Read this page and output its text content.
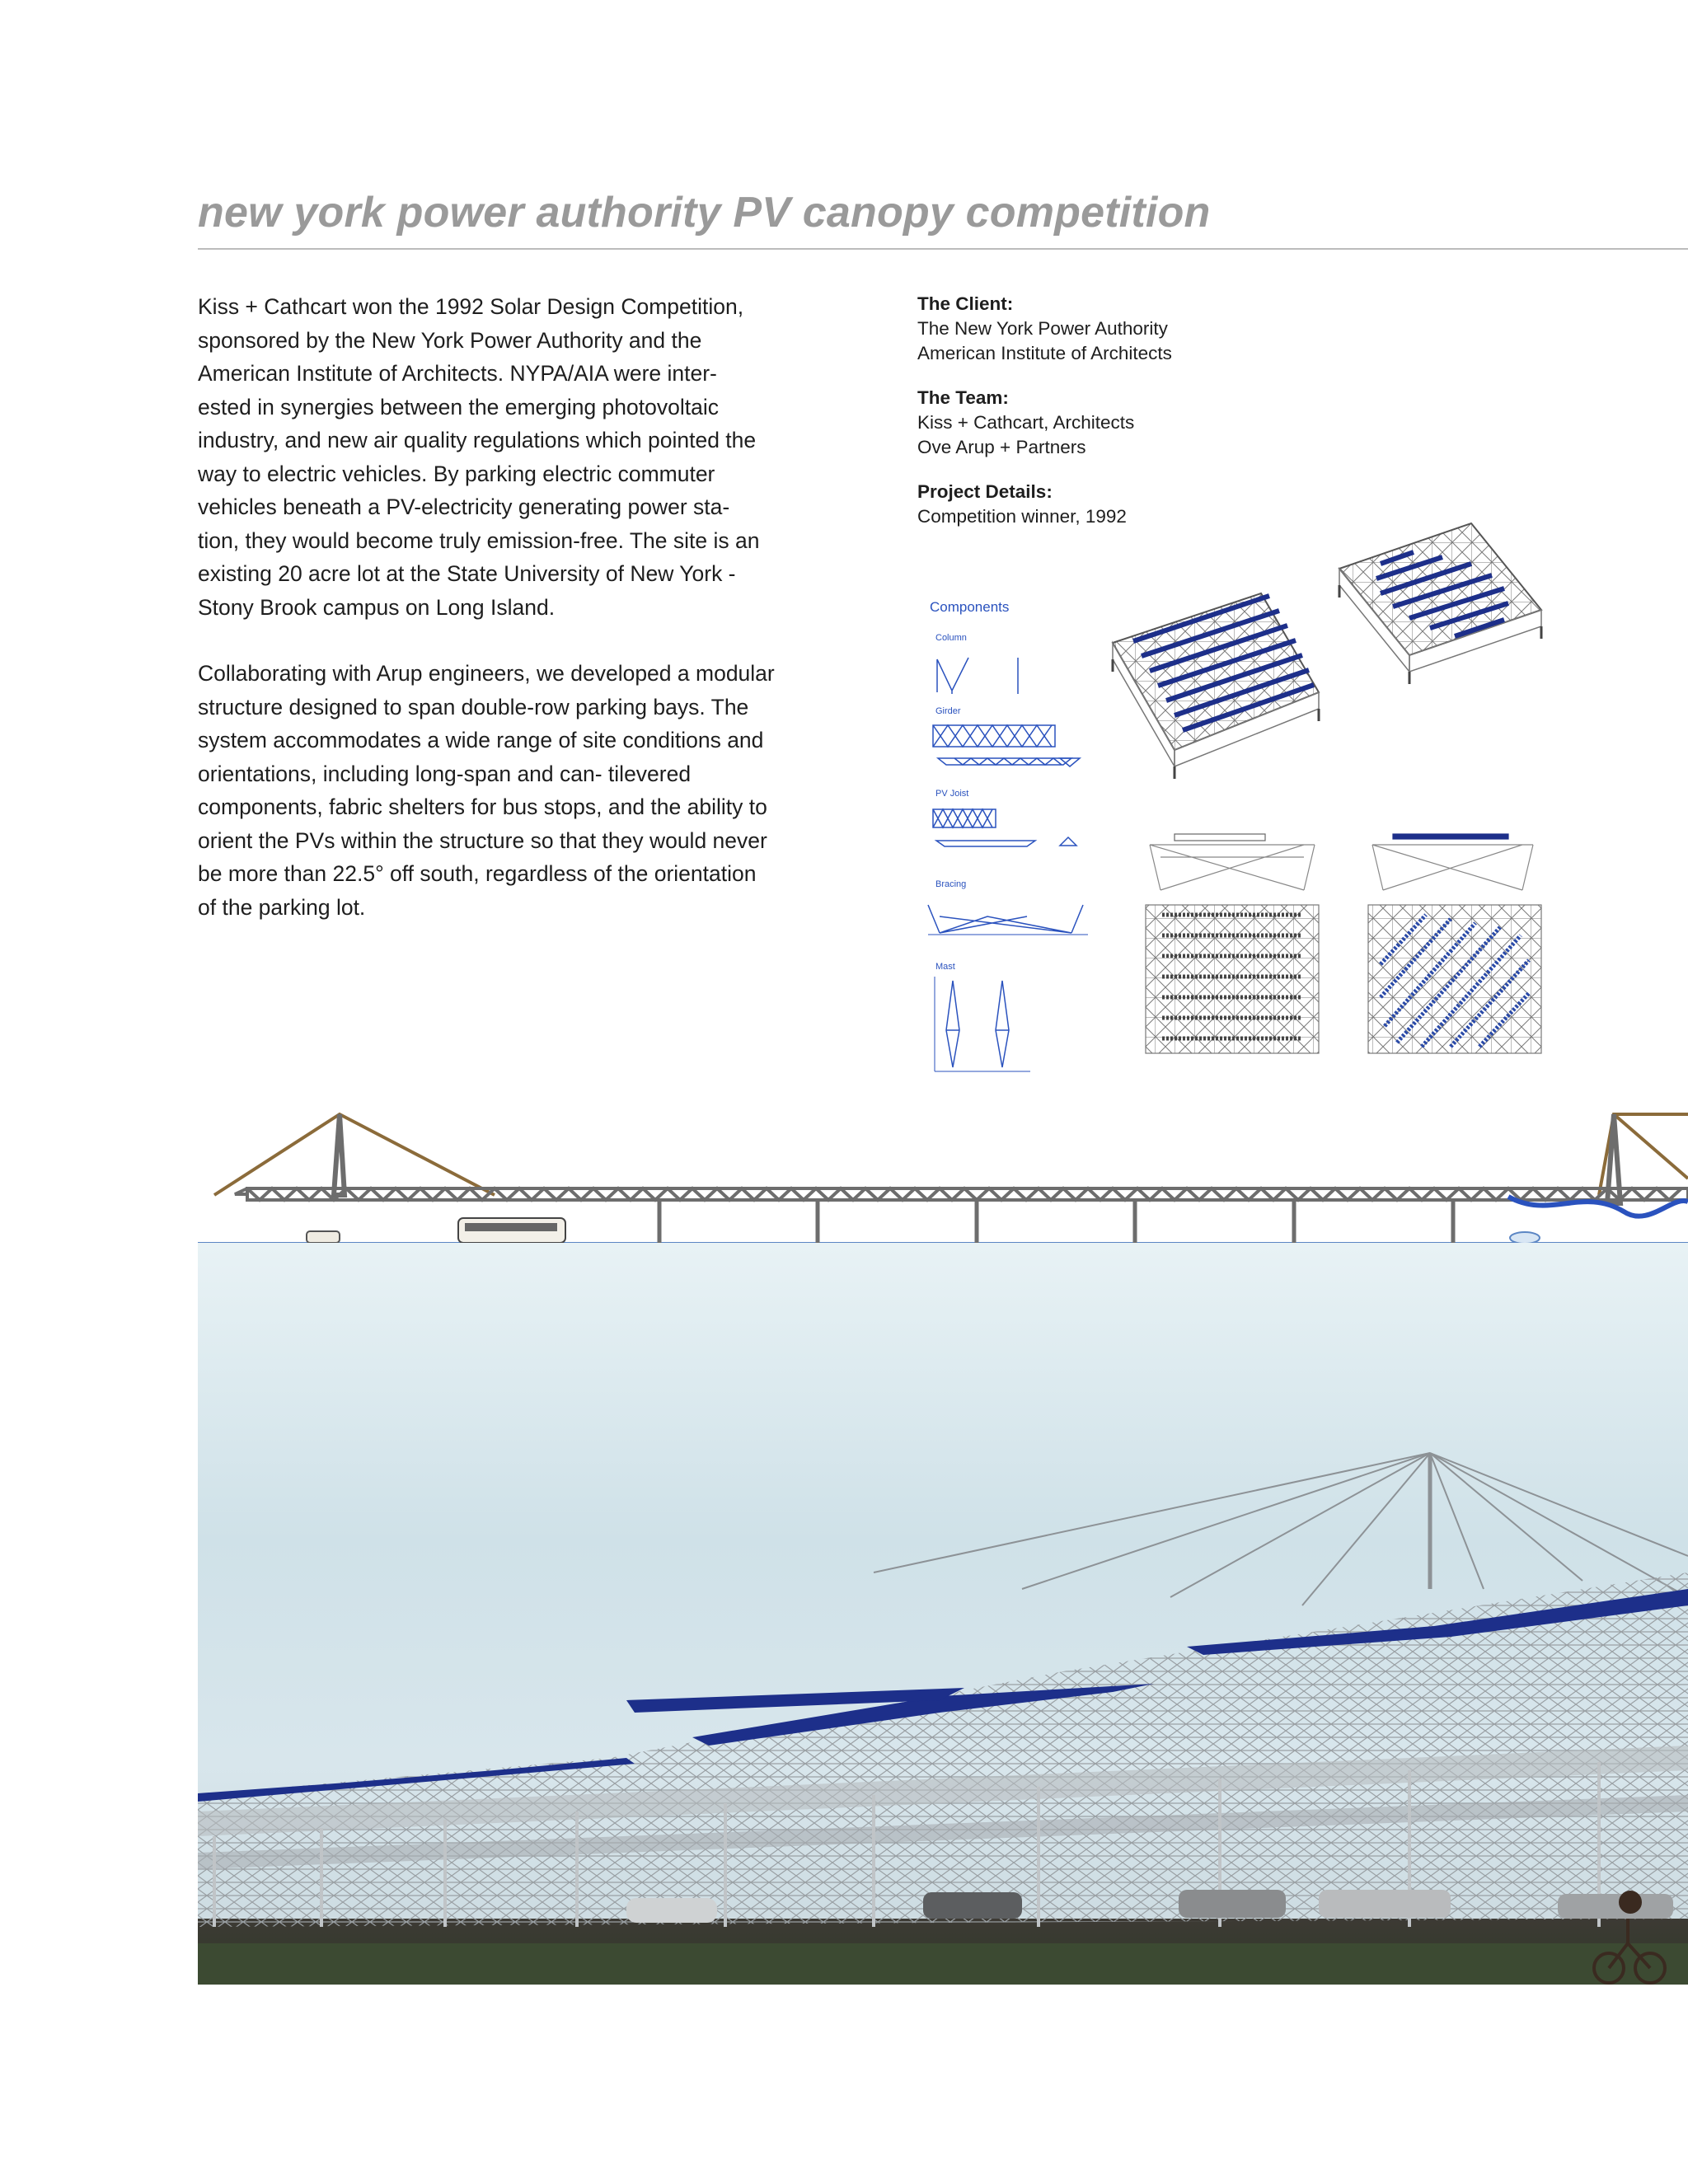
new york power authority PV canopy competition

Kiss + Cathcart won the 1992 Solar Design Competition, sponsored by the New York Power Authority and the American Institute of Architects. NYPA/AIA were inter- ested in synergies between the emerging photovoltaic industry, and new air quality regulations which pointed the way to electric vehicles. By parking electric commuter vehicles beneath a PV-electricity generating power sta- tion, they would become truly emission-free. The site is an existing 20 acre lot at the State University of New York - Stony Brook campus on Long Island.

Collaborating with Arup engineers, we developed a modular structure designed to span double-row parking bays. The system accommodates a wide range of site conditions and orientations, including long-span and can- tilevered components, fabric shelters for bus stops, and the ability to orient the PVs within the structure so that they would never be more than 22.5° off south, regardless of the orientation of the parking lot.

The Client:
The New York Power Authority
American Institute of Architects
The Team:
Kiss + Cathcart, Architects
Ove Arup + Partners
Project Details:
Competition winner, 1992
Components
Column
Girder
PV Joist
Bracing
Mast
